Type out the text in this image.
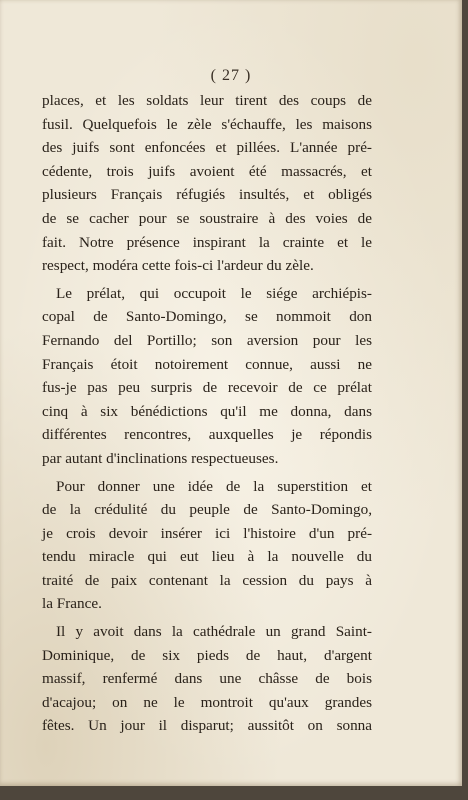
( 27 )
places, et les soldats leur tirent des coups de
fusil. Quelquefois le zèle s'échauffe, les maisons
des juifs sont enfoncées et pillées. L'année pré-
cédente, trois juifs avoient été massacrés, et
plusieurs Français réfugiés insultés, et obligés
de se cacher pour se soustraire à des voies de
fait. Notre présence inspirant la crainte et le
respect, modéra cette fois-ci l'ardeur du zèle.
Le prélat, qui occupoit le siége archiépis-
copal de Santo-Domingo, se nommoit don
Fernando del Portillo; son aversion pour les
Français étoit notoirement connue, aussi ne
fus-je pas peu surpris de recevoir de ce prélat
cinq à six bénédictions qu'il me donna, dans
différentes rencontres, auxquelles je répondis
par autant d'inclinations respectueuses.
Pour donner une idée de la superstition et
de la crédulité du peuple de Santo-Domingo,
je crois devoir insérer ici l'histoire d'un pré-
tendu miracle qui eut lieu à la nouvelle du
traité de paix contenant la cession du pays à
la France.
Il y avoit dans la cathédrale un grand Saint-
Dominique, de six pieds de haut, d'argent
massif, renfermé dans une châsse de bois
d'acajou; on ne le montroit qu'aux grandes
fêtes. Un jour il disparut; aussitôt on sonna
